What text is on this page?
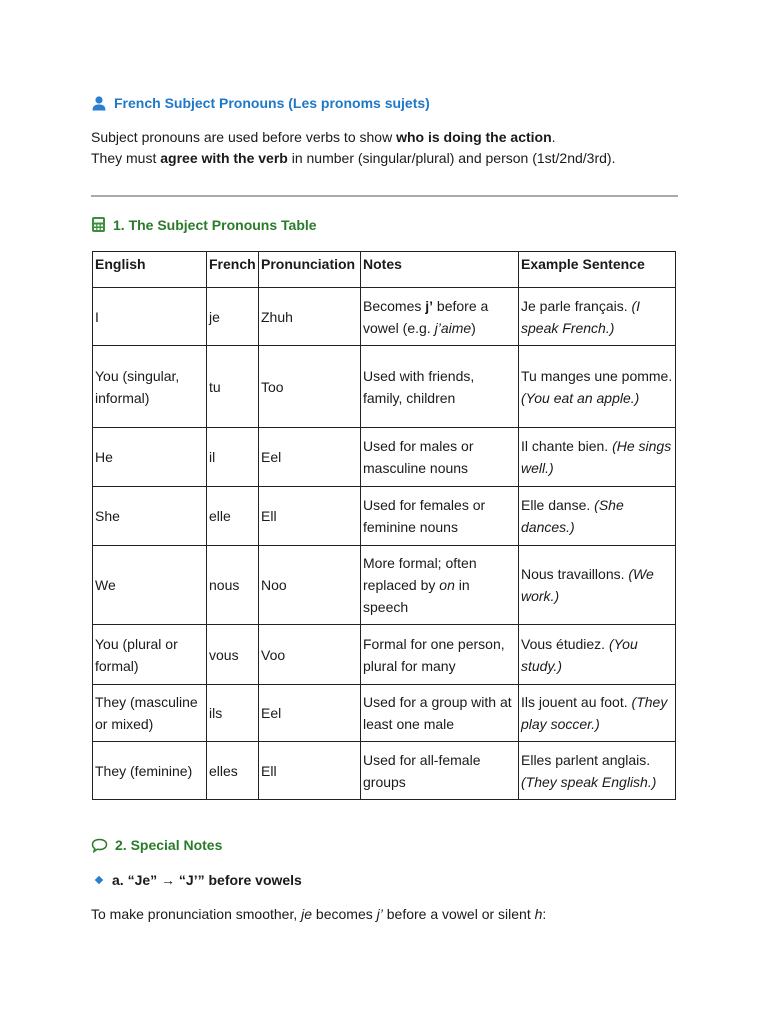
French Subject Pronouns (Les pronoms sujets)

Subject pronouns are used before verbs to show who is doing the action.

They must agree with the verb in number (singular/plural) and person (1st/2nd/3rd).

1. The Subject Pronouns Table
English	French	Pronunciation	Notes	Example Sentence
I	je	Zhuh	Becomes j’ before a vowel (e.g. j’aime)	Je parle français. (I speak French.)
You (singular, informal)	tu	Too	Used with friends, family, children	Tu manges une pomme. (You eat an apple.)
He	il	Eel	Used for males or masculine nouns	Il chante bien. (He sings well.)
She	elle	Ell	Used for females or feminine nouns	Elle danse. (She dances.)
We	nous	Noo	More formal; often replaced by on in speech	Nous travaillons. (We work.)
You (plural or formal)	vous	Voo	Formal for one person, plural for many	Vous étudiez. (You study.)
They (masculine or mixed)	ils	Eel	Used for a group with at least one male	Ils jouent au foot. (They play soccer.)
They (feminine)	elles	Ell	Used for all-female groups	Elles parlent anglais. (They speak English.)
2. Special Notes
a. “Je” → “J’” before vowels
To make pronunciation smoother, je becomes j’ before a vowel or silent h:
